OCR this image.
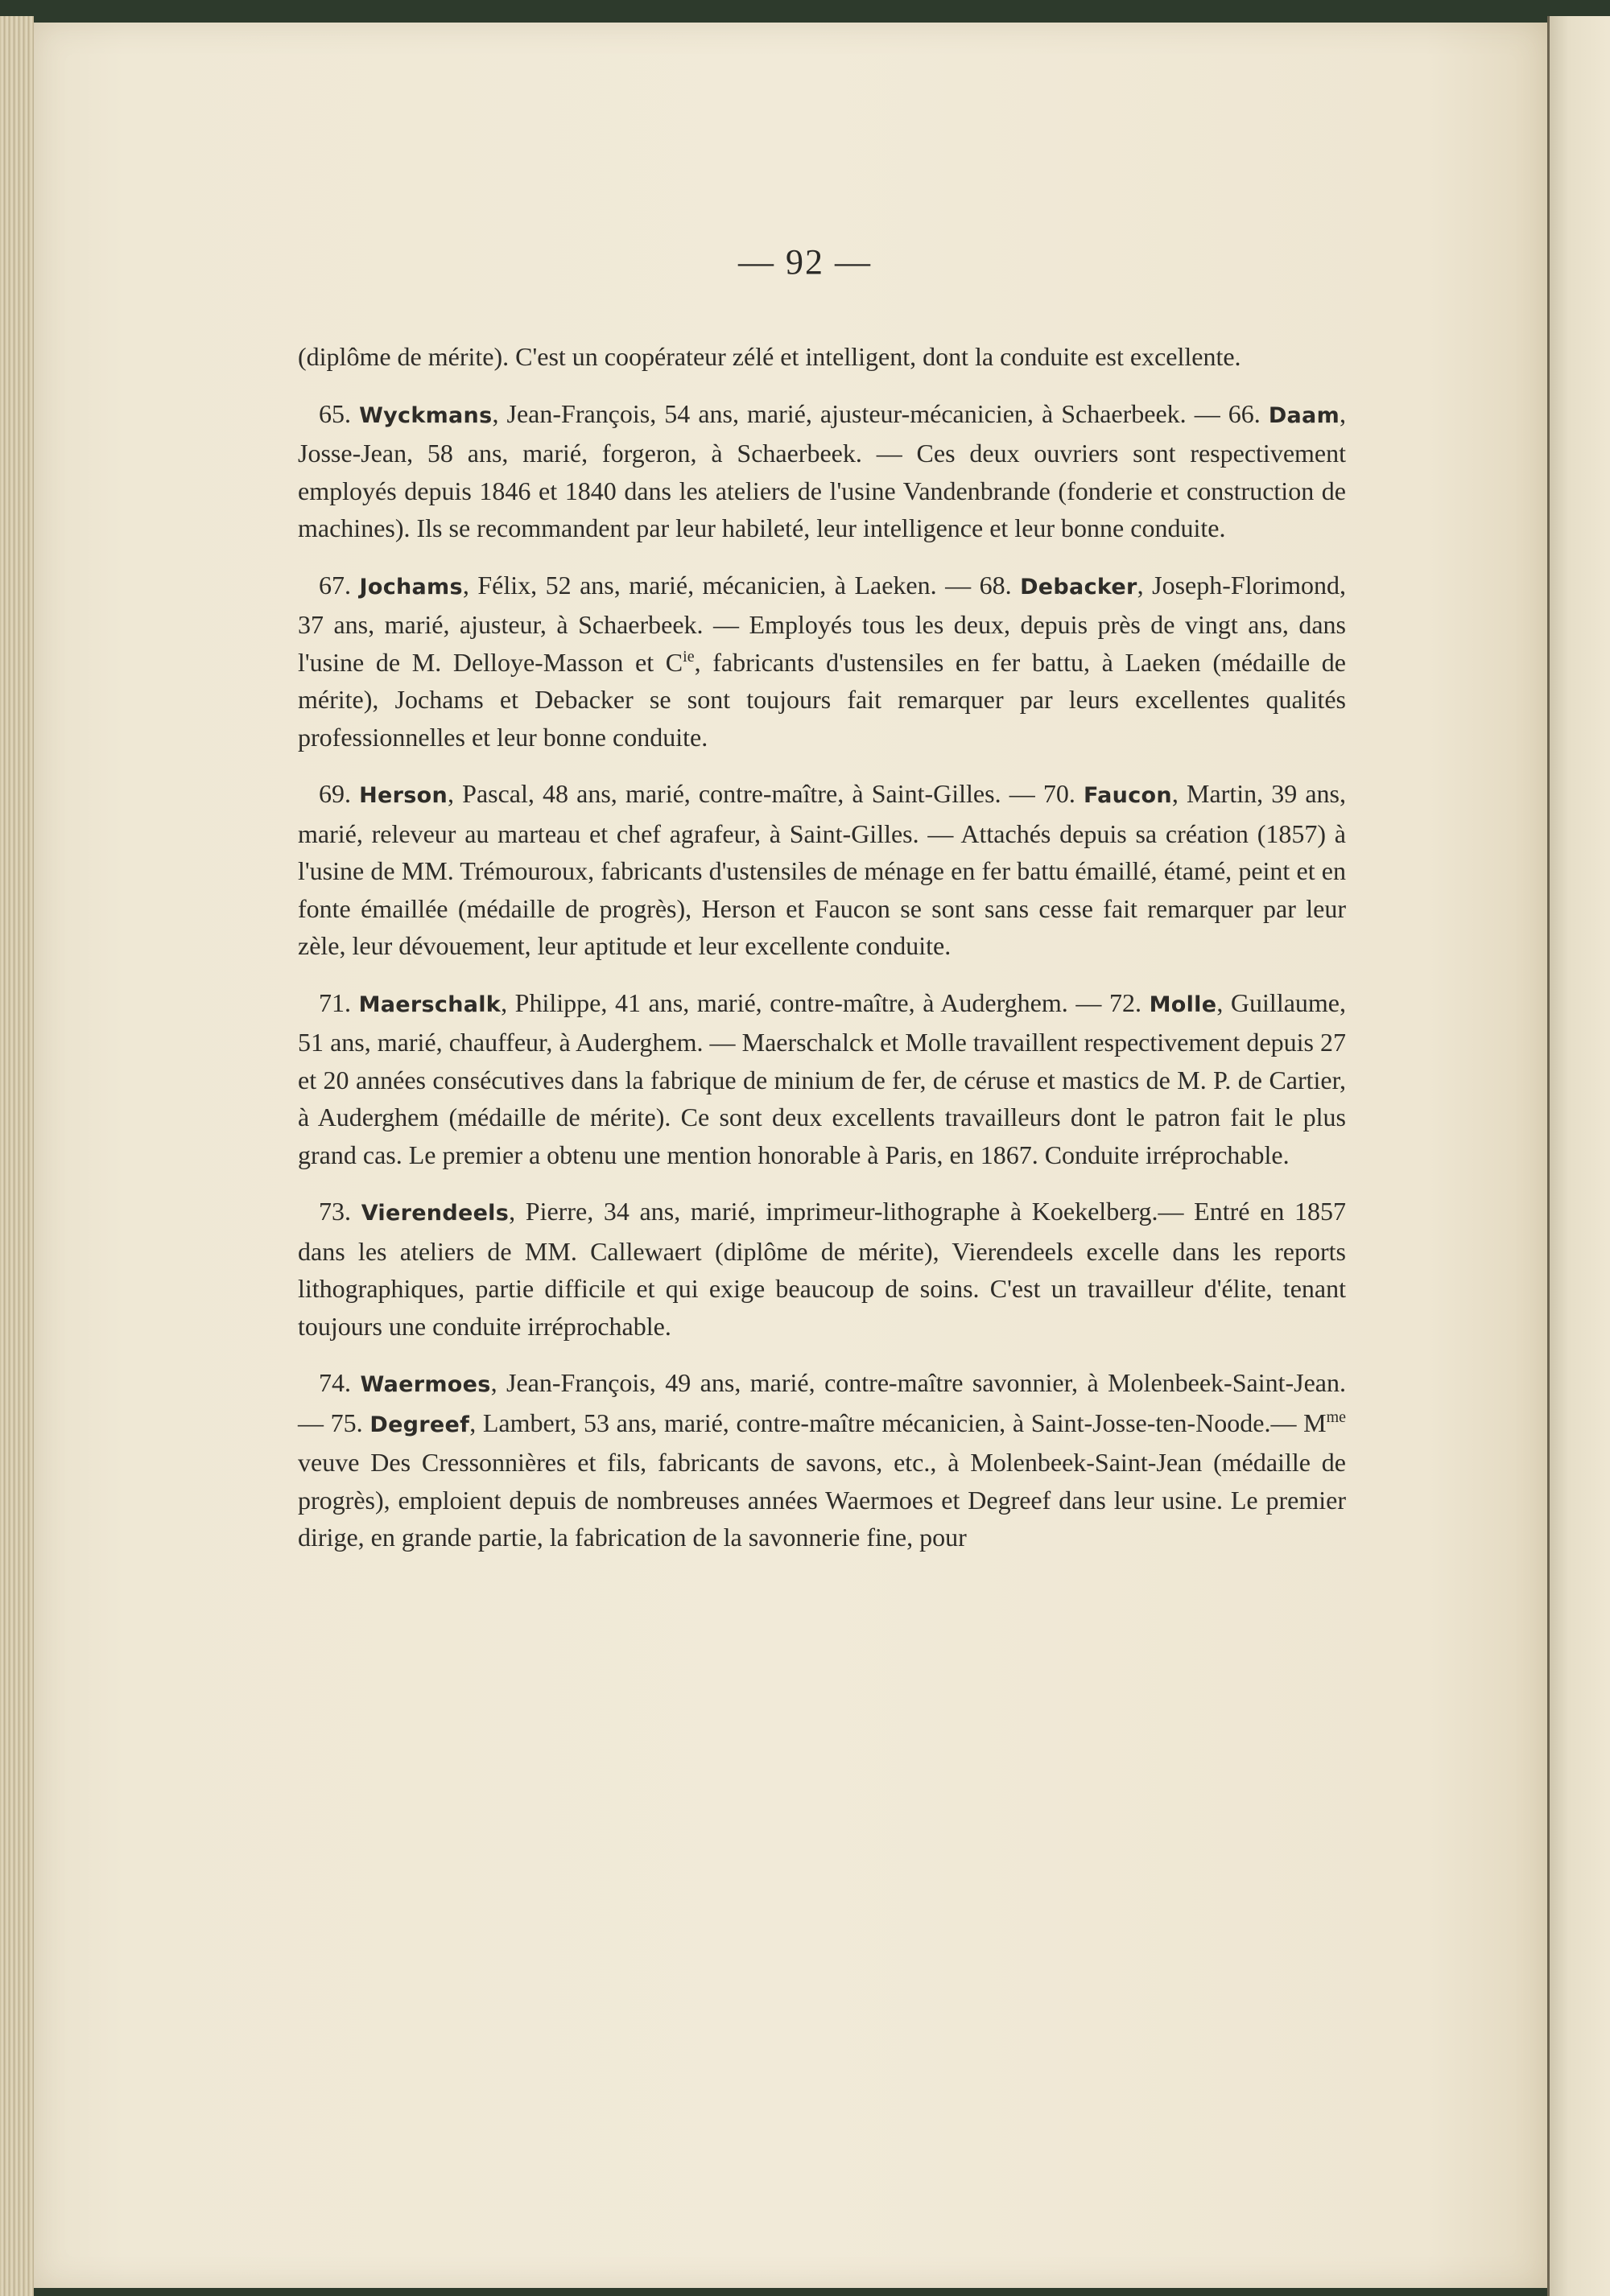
— 92 —

(diplôme de mérite). C'est un coopérateur zélé et intelligent, dont la conduite est excellente.

65. Wyckmans, Jean-François, 54 ans, marié, ajusteur-mécanicien, à Schaerbeek. — 66. Daam, Josse-Jean, 58 ans, marié, forgeron, à Schaerbeek. — Ces deux ouvriers sont respectivement employés depuis 1846 et 1840 dans les ateliers de l'usine Vandenbrande (fonderie et construction de machines). Ils se recommandent par leur habileté, leur intelligence et leur bonne conduite.

67. Jochams, Félix, 52 ans, marié, mécanicien, à Laeken. — 68. Debacker, Joseph-Florimond, 37 ans, marié, ajusteur, à Schaerbeek. — Employés tous les deux, depuis près de vingt ans, dans l'usine de M. Delloye-Masson et $C^{ie}$, fabricants d'ustensiles en fer battu, à Laeken (médaille de mérite), Jochams et Debacker se sont toujours fait remarquer par leurs excellentes qualités professionnelles et leur bonne conduite.

69. Herson, Pascal, 48 ans, marié, contre-maître, à Saint-Gilles. — 70. Faucon, Martin, 39 ans, marié, releveur au marteau et chef agrafeur, à Saint-Gilles. — Attachés depuis sa création (1857) à l'usine de MM. Trémouroux, fabricants d'ustensiles de ménage en fer battu émaillé, étamé, peint et en fonte émaillée (médaille de progrès), Herson et Faucon se sont sans cesse fait remarquer par leur zèle, leur dévouement, leur aptitude et leur excellente conduite.

71. Maerschalk, Philippe, 41 ans, marié, contre-maître, à Auderghem. — 72. Molle, Guillaume, 51 ans, marié, chauffeur, à Auderghem. — Maerschalck et Molle travaillent respectivement depuis 27 et 20 années consécutives dans la fabrique de minium de fer, de céruse et mastics de M. P. de Cartier, à Auderghem (médaille de mérite). Ce sont deux excellents travailleurs dont le patron fait le plus grand cas. Le premier a obtenu une mention honorable à Paris, en 1867. Conduite irréprochable.

73. Vierendeels, Pierre, 34 ans, marié, imprimeur-lithographe à Koekelberg.— Entré en 1857 dans les ateliers de MM. Callewaert (diplôme de mérite), Vierendeels excelle dans les reports lithographiques, partie difficile et qui exige beaucoup de soins. C'est un travailleur d'élite, tenant toujours une conduite irréprochable.

74. Waermoes, Jean-François, 49 ans, marié, contre-maître savonnier, à Molenbeek-Saint-Jean. — 75. Degreef, Lambert, 53 ans, marié, contre-maître mécanicien, à Saint-Josse-ten-Noode.— $M^{me}$ veuve Des Cressonnières et fils, fabricants de savons, etc., à Molenbeek-Saint-Jean (médaille de progrès), emploient depuis de nombreuses années Waermoes et Degreef dans leur usine. Le premier dirige, en grande partie, la fabrication de la savonnerie fine, pour
